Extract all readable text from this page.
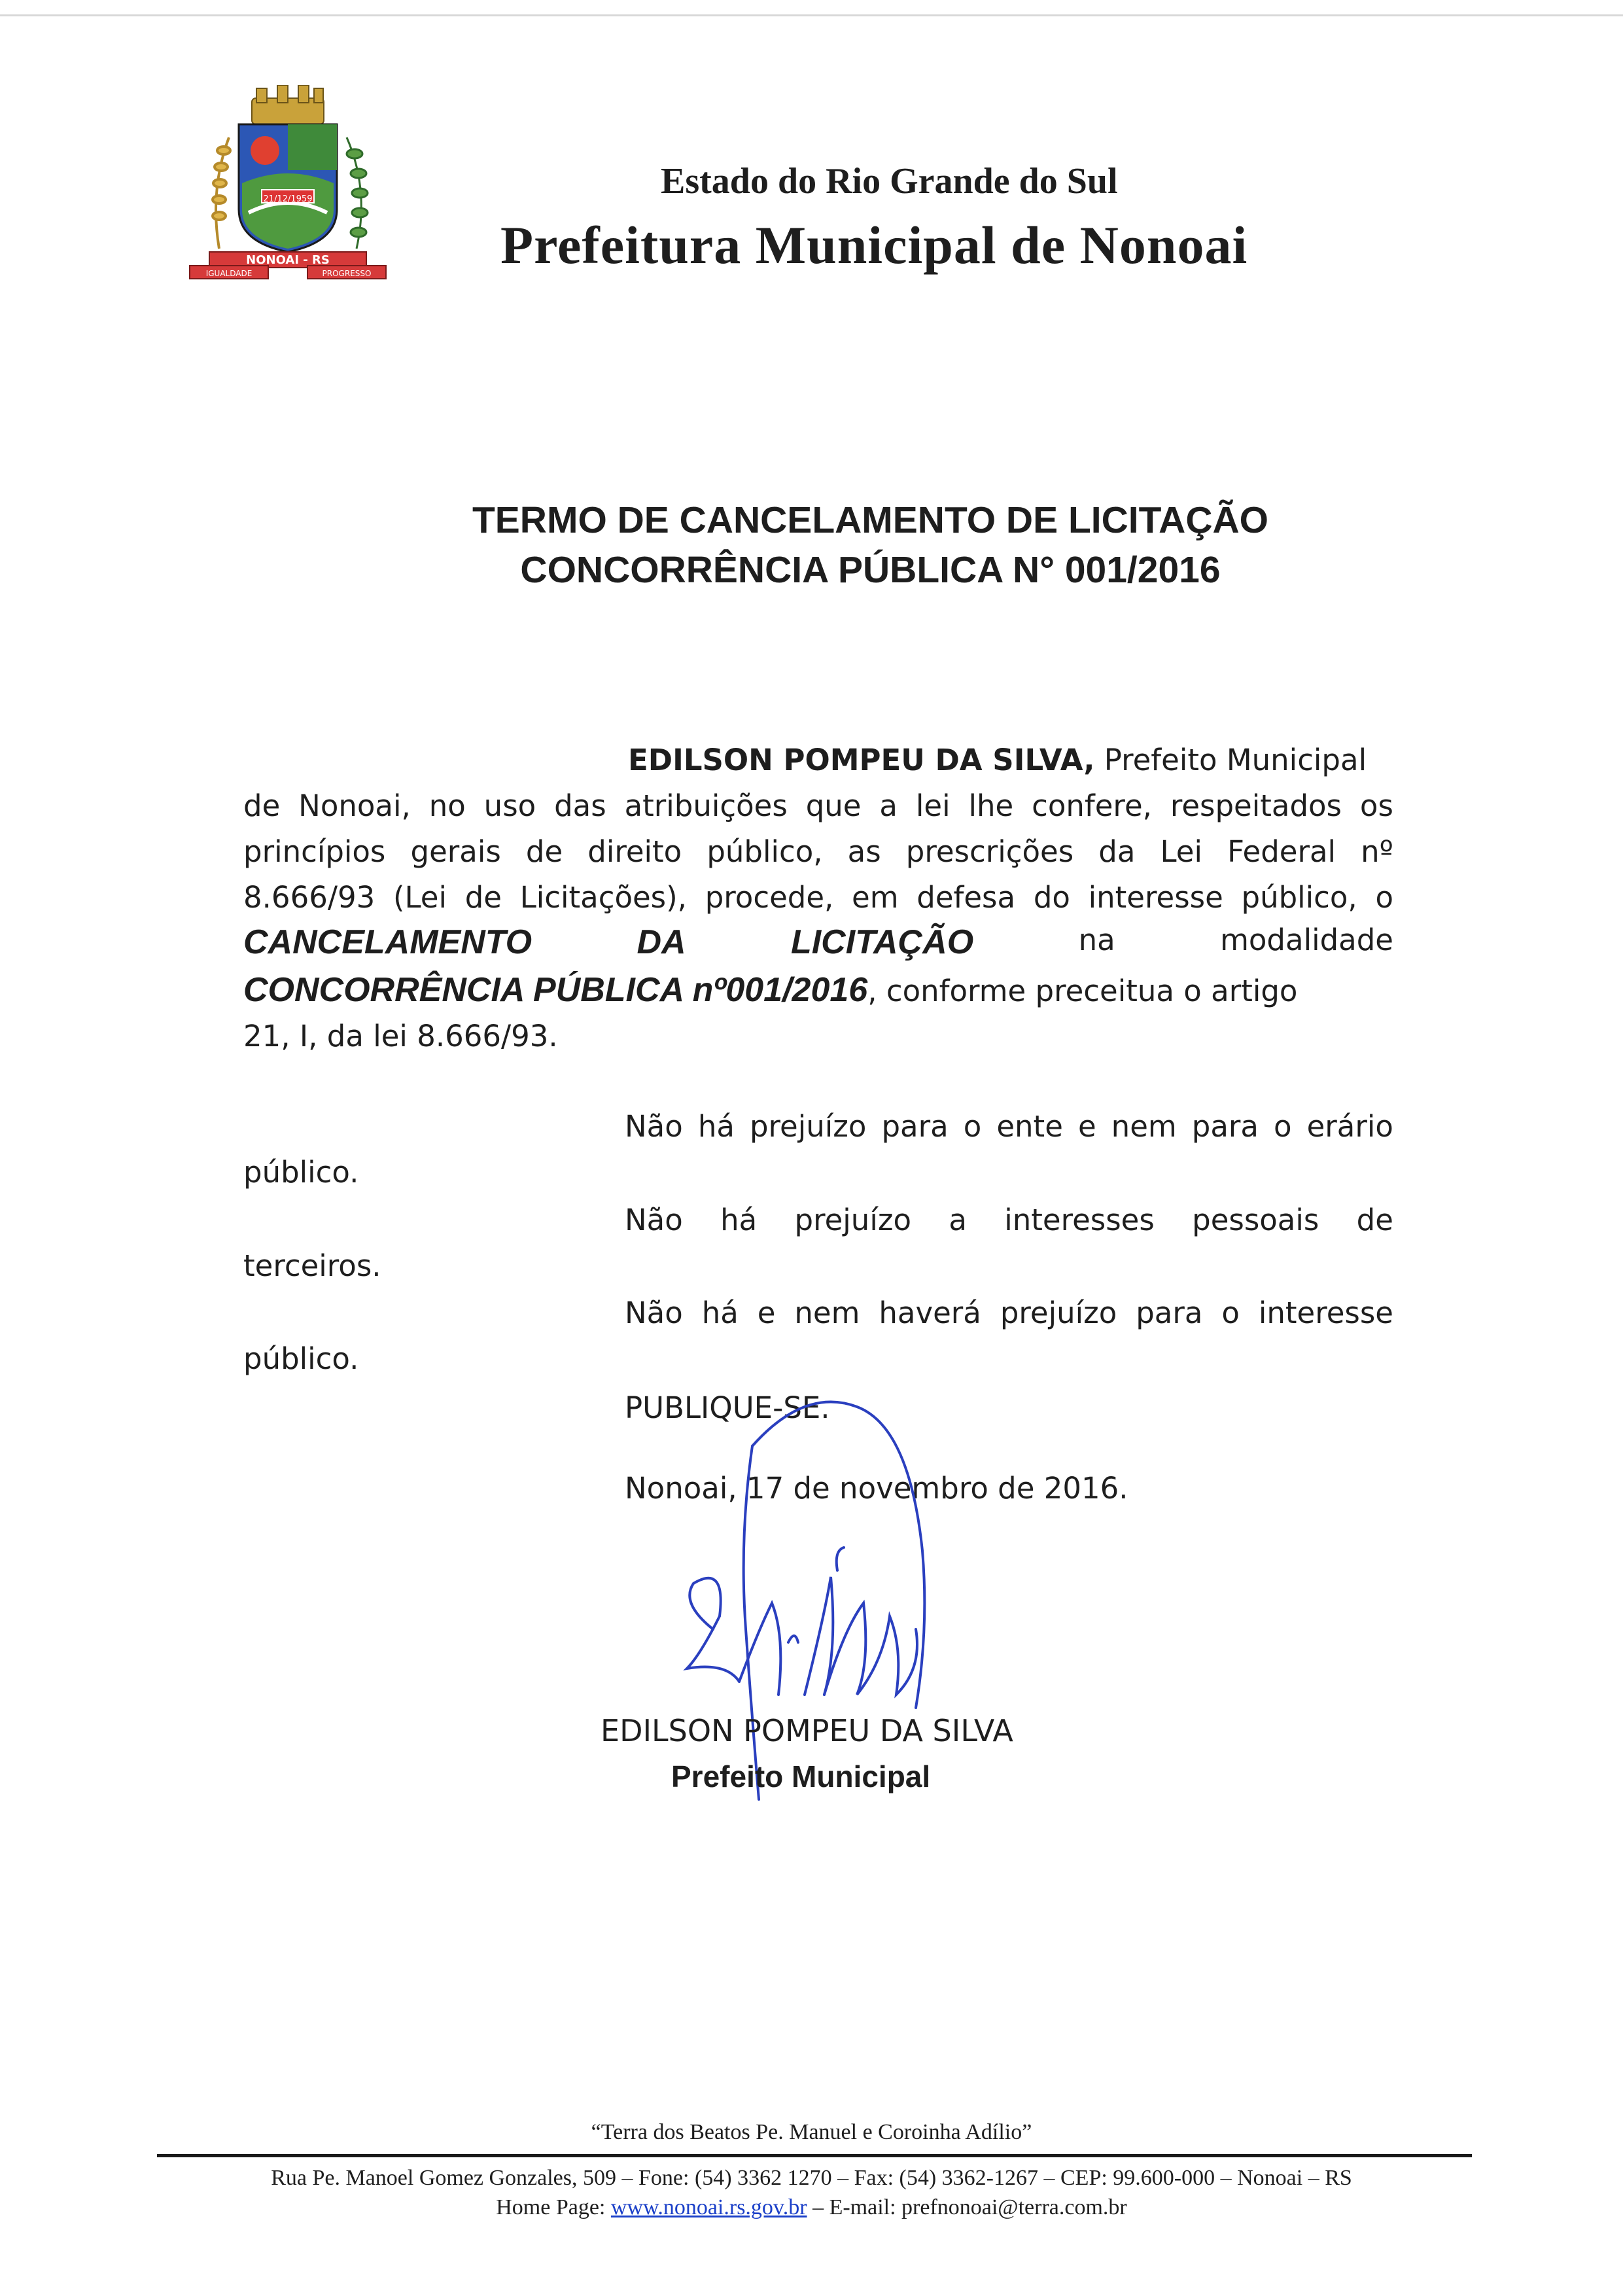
NONOAI - RS
IGUALDADE	PROGRESSO
21/12/1959	Estado do Rio Grande do Sul
Prefeitura Municipal de Nonoai
TERMO DE CANCELAMENTO DE LICITAÇÃO
CONCORRÊNCIA PÚBLICA N° 001/2016
EDILSON POMPEU DA SILVA, Prefeito Municipal
de Nonoai, no uso das atribuições que a lei lhe confere, respeitados os
princípios gerais de direito público, as prescrições da Lei Federal nº
8.666/93 (Lei de Licitações), procede, em defesa do interesse público, o
CANCELAMENTO	DA	LICITAÇÃO	na	modalidade
CONCORRÊNCIA PÚBLICA nº001/2016, conforme preceitua o artigo
21, I, da lei 8.666/93.
Não há prejuízo para o ente e nem para o erário
público.
Não há prejuízo a interesses pessoais de
terceiros.
Não há e nem haverá prejuízo para o interesse
público.
PUBLIQUE-SE.
Nonoai, 17 de novembro de 2016.
EDILSON POMPEU DA SILVA
Prefeito Municipal
“Terra dos Beatos Pe. Manuel e Coroinha Adílio”
Rua Pe. Manoel Gomez Gonzales, 509 – Fone: (54) 3362 1270 – Fax: (54) 3362-1267 – CEP: 99.600-000 – Nonoai – RS
Home Page: www.nonoai.rs.gov.br – E-mail: prefnonoai@terra.com.br
